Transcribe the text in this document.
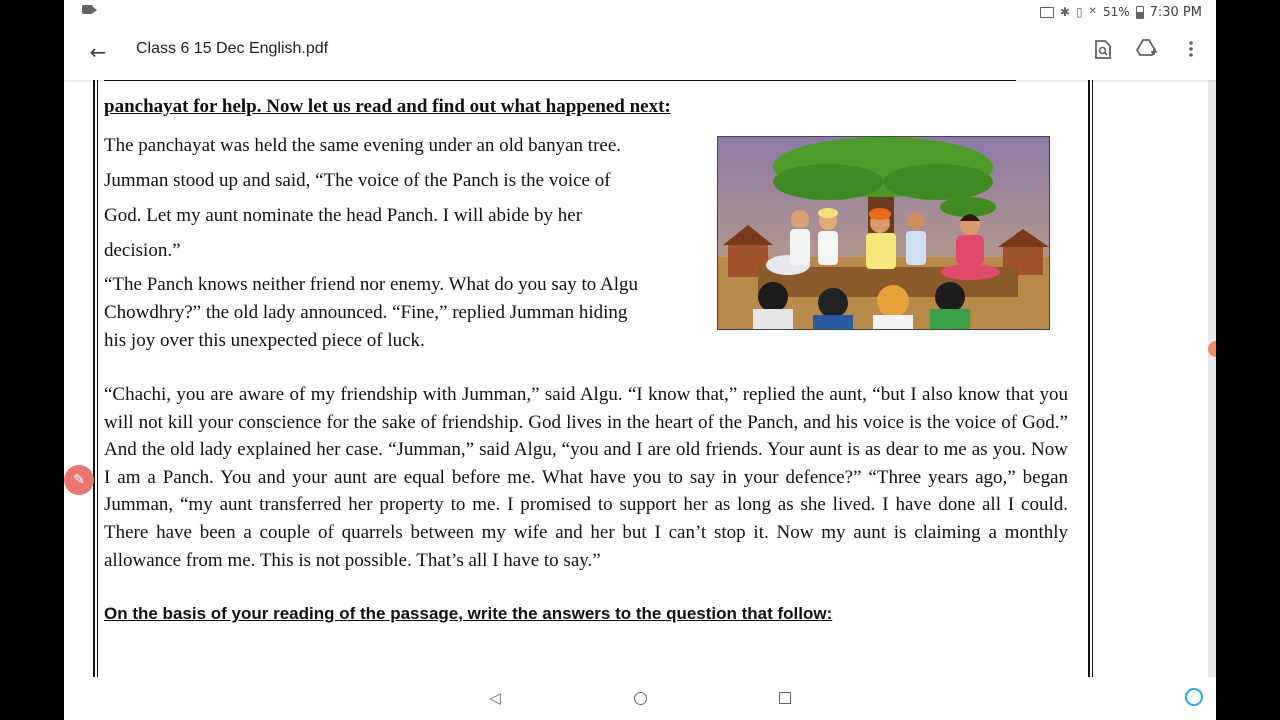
✱ ▯ ✕ 51% 7:30 PM
←	Class 6 15 Dec English.pdf
panchayat for help. Now let us read and find out what happened next:

The panchayat was held the same evening under an old banyan tree.

Jumman stood up and said, “The voice of the Panch is the voice of

God. Let my aunt nominate the head Panch. I will abide by her

decision.”

“The Panch knows neither friend nor enemy. What do you say to Algu

Chowdhry?” the old lady announced. “Fine,” replied Jumman hiding

his joy over this unexpected piece of luck.

“Chachi, you are aware of my friendship with Jumman,” said Algu. “I know that,” replied the aunt, “but I also know that you will not kill your conscience for the sake of friendship. God lives in the heart of the Panch, and his voice is the voice of God.” And the old lady explained her case. “Jumman,” said Algu, “you and I are old friends. Your aunt is as dear to me as you. Now I am a Panch. You and your aunt are equal before me. What have you to say in your defence?” “Three years ago,” began Jumman, “my aunt transferred her property to me. I promised to support her as long as she lived. I have done all I could. There have been a couple of quarrels between my wife and her but I can’t stop it. Now my aunt is claiming a monthly allowance from me. This is not possible. That’s all I have to say.”
On the basis of your reading of the passage, write the answers to the question that follow:
✎
◁
